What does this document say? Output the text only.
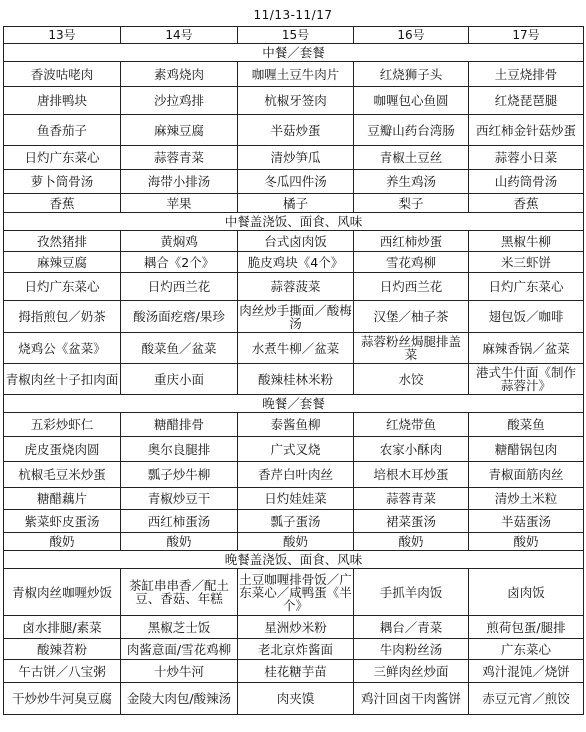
11/13-11/17
13号	14号	15号	16号	17号
中餐／套餐				
香波咕咾肉	素鸡烧肉	咖喱土豆牛肉片	红烧狮子头	土豆烧排骨
唐排鸭块	沙拉鸡排	杭椒牙签肉	咖喱包心鱼圆	红烧琵琶腿
鱼香茄子	麻辣豆腐	半菇炒蛋	豆瓣山药台湾肠	西红柿金针菇炒蛋
日灼广东菜心	蒜蓉青菜	清炒笋瓜	青椒土豆丝	蒜蓉小日菜
萝卜筒骨汤	海带小排汤	冬瓜四件汤	养生鸡汤	山药筒骨汤
香蕉	苹果	橘子	梨子	香蕉
中餐盖浇饭、面食、风味				
孜然猪排	黄焖鸡	台式卤肉饭	西红柿炒蛋	黑椒牛柳
麻辣豆腐	耦合《2个》	脆皮鸡块《4个》	雪花鸡柳	米三虾饼
日灼广东菜心	日灼西兰花	蒜蓉菠菜	日灼西兰花	日灼广东菜心
拇指煎包／奶茶	酸汤面疙瘩/果珍	肉丝炒手撕面／酸梅汤	汉堡／柚子茶	翅包饭／咖啡
烧鸡公《盆菜》	酸菜鱼／盆菜	水煮牛柳／盆菜	蒜蓉粉丝焗腿排盖菜	麻辣香锅／盆菜
青椒肉丝十子扣肉面	重庆小面	酸辣桂林米粉	水饺	港式牛什面《制作蒜蓉汁》
晚餐／套餐				
五彩炒虾仁	糖醋排骨	泰酱鱼柳	红烧带鱼	酸菜鱼
虎皮蛋烧肉圆	奥尔良腿排	广式叉烧	农家小酥肉	糖醋锅包肉
杭椒毛豆米炒蛋	瓢子炒牛柳	香芹白叶肉丝	培根木耳炒蛋	青椒面筋肉丝
糖醋藕片	青椒炒豆干	日灼娃娃菜	蒜蓉青菜	清炒土米粒
紫菜虾皮蛋汤	西红柿蛋汤	瓢子蛋汤	裙菜蛋汤	半菇蛋汤
酸奶	酸奶	酸奶	酸奶	酸奶
晚餐盖浇饭、面食、风味				
青椒肉丝咖喱炒饭	茶缸串串香／配土豆、香菇、年糕	土豆咖喱排骨饭／广东菜心／咸鸭蛋《半个》	手抓羊肉饭	卤肉饭
卤水排腿/素菜	黑椒芝士饭	星洲炒米粉	耦台／青菜	煎荷包蛋/腿排
酸辣苕粉	肉酱意面/雪花鸡柳	老北京炸酱面	牛肉粉丝汤	广东菜心
午古饼／八宝粥	十炒牛河	桂花糖芋苗	三鲜肉丝炒面	鸡汁混饨／烧饼
干炒炒牛河臭豆腐	金陵大肉包/酸辣汤	肉夹馍	鸡汁回卤干肉酱饼	赤豆元宵／煎饺
